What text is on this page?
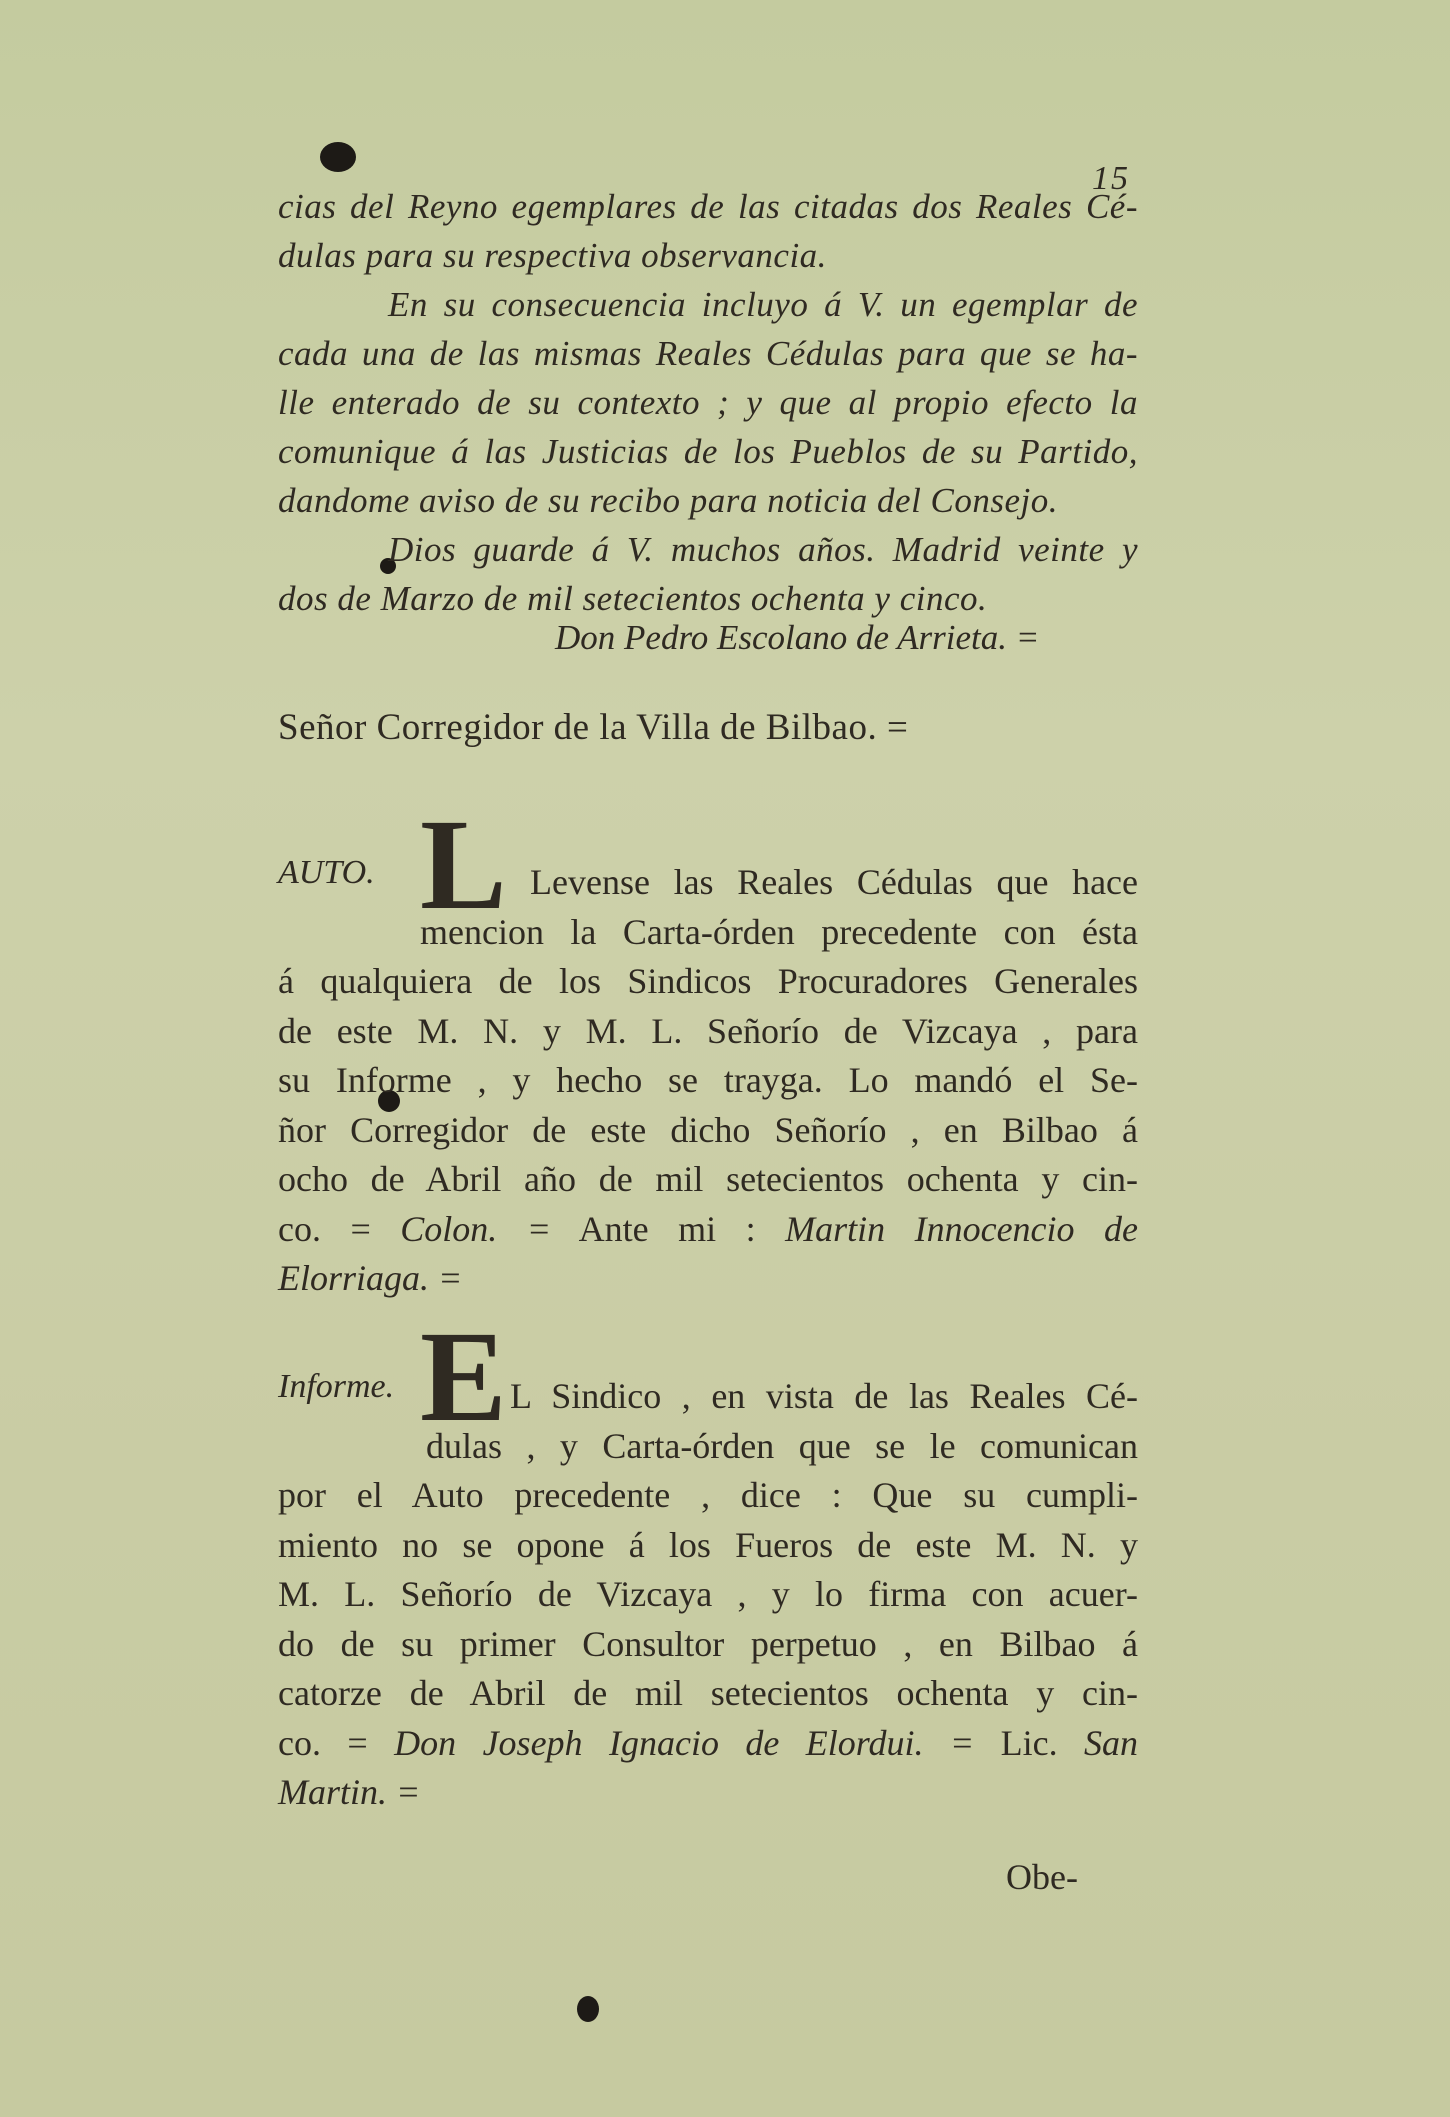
15
cias del Reyno egemplares de las citadas dos Reales Cé-
dulas para su respectiva observancia.
En su consecuencia incluyo á V. un egemplar de
cada una de las mismas Reales Cédulas para que se ha-
lle enterado de su contexto ; y que al propio efecto la
comunique á las Justicias de los Pueblos de su Partido,
dandome aviso de su recibo para noticia del Consejo.
Dios guarde á V. muchos años. Madrid veinte y
dos de Marzo de mil setecientos ochenta y cinco.
Don Pedro Escolano de Arrieta. =
Señor Corregidor de la Villa de Bilbao. =
AUTO. L Levense las Reales Cédulas que hace
mencion la Carta-órden precedente con ésta
á qualquiera de los Sindicos Procuradores Generales
de este M. N. y M. L. Señorío de Vizcaya , para
su Informe , y hecho se trayga. Lo mandó el Se-
ñor Corregidor de este dicho Señorío , en Bilbao á
ocho de Abril año de mil setecientos ochenta y cin-
co. = Colon. = Ante mi : Martin Innocencio de
Elorriaga. =
Informe. E L Sindico , en vista de las Reales Cé-
dulas , y Carta-órden que se le comunican
por el Auto precedente , dice : Que su cumpli-
miento no se opone á los Fueros de este M. N. y
M. L. Señorío de Vizcaya , y lo firma con acuer-
do de su primer Consultor perpetuo , en Bilbao á
catorze de Abril de mil setecientos ochenta y cin-
co. = Don Joseph Ignacio de Elordui. = Lic. San
Martin. =
Obe-
